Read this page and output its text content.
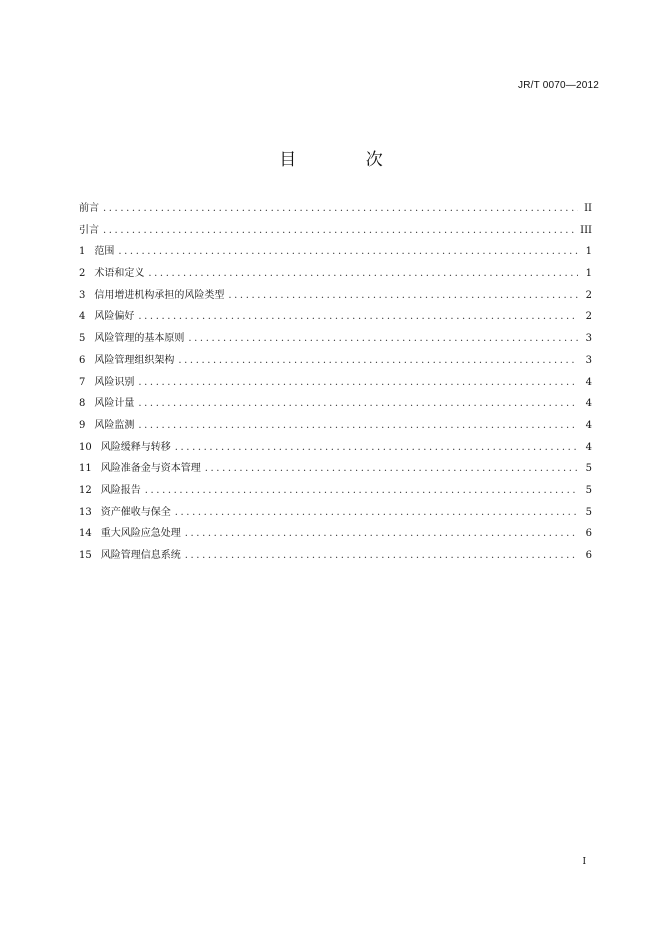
JR/T 0070—2012
目 次
前言 .....	II
引言 .....	III
1 范围 .....	1
2 术语和定义 .....	1
3 信用增进机构承担的风险类型 .....	2
4 风险偏好 .....	2
5 风险管理的基本原则 .....	3
6 风险管理组织架构 .....	3
7 风险识别 .....	4
8 风险计量 .....	4
9 风险监测 .....	4
10 风险缓释与转移 .....	4
11 风险准备金与资本管理 .....	5
12 风险报告 .....	5
13 资产催收与保全 .....	5
14 重大风险应急处理 .....	6
15 风险管理信息系统 .....	6
I
